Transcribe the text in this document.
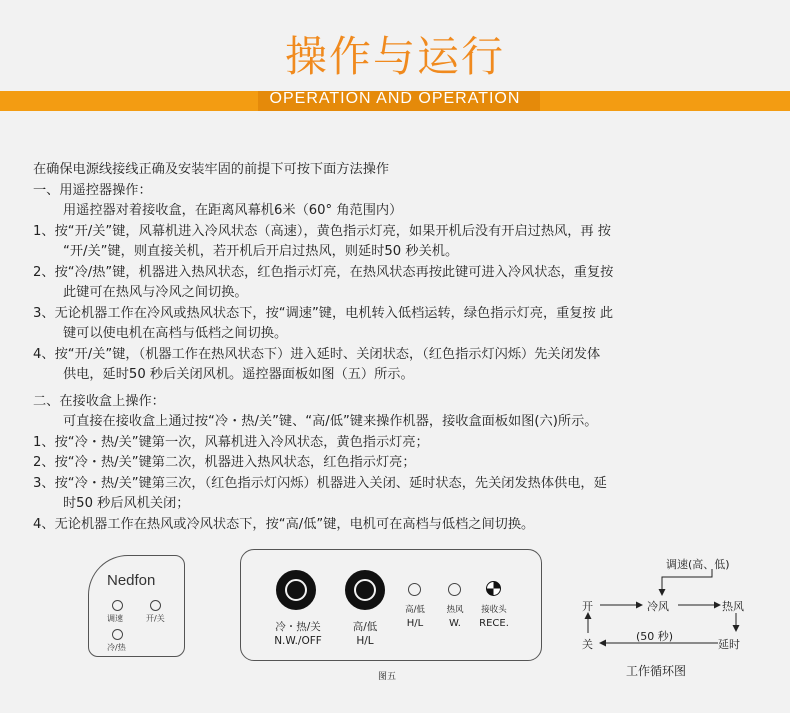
操作与运行
OPERATION AND OPERATION

在确保电源线接线正确及安装牢固的前提下可按下面方法操作

一、用遥控器操作：

用遥控器对着接收盒，在距离风幕机6米（60° 角范围内）

1、按“开/关”键，风幕机进入冷风状态（高速），黄色指示灯亮，如果开机后没有开启过热风，再 按

“开/关”键，则直接关机，若开机后开启过热风，则延时50 秒关机。

2、按“冷/热”键，机器进入热风状态，红色指示灯亮，在热风状态再按此键可进入冷风状态，重复按

此键可在热风与冷风之间切换。

3、无论机器工作在冷风或热风状态下，按“调速”键，电机转入低档运转，绿色指示灯亮，重复按 此

键可以使电机在高档与低档之间切换。

4、按“开/关”键，（机器工作在热风状态下）进入延时、关闭状态，（红色指示灯闪烁）先关闭发体

供电，延时50 秒后关闭风机。遥控器面板如图（五）所示。

二、在接收盒上操作：

可直接在接收盒上通过按“冷・热/关”键、“高/低”键来操作机器，接收盒面板如图(六)所示。

1、按“冷・热/关”键第一次，风幕机进入冷风状态，黄色指示灯亮；

2、按“冷・热/关”键第二次，机器进入热风状态，红色指示灯亮；

3、按“冷・热/关”键第三次，（红色指示灯闪烁）机器进入关闭、延时状态，先关闭发热体供电，延

时50 秒后风机关闭；

4、无论机器工作在热风或冷风状态下，按“高/低”键，电机可在高档与低档之间切换。

Nedfon
调速	开/关
冷/热
冷・热/关
N.W./OFF
高/低
H/L
高/低
H/L
热风
W.
接收头
RECE.
图五
调速(高、低)
开	冷风	热风
关
(50 秒)
延时
工作循环图
